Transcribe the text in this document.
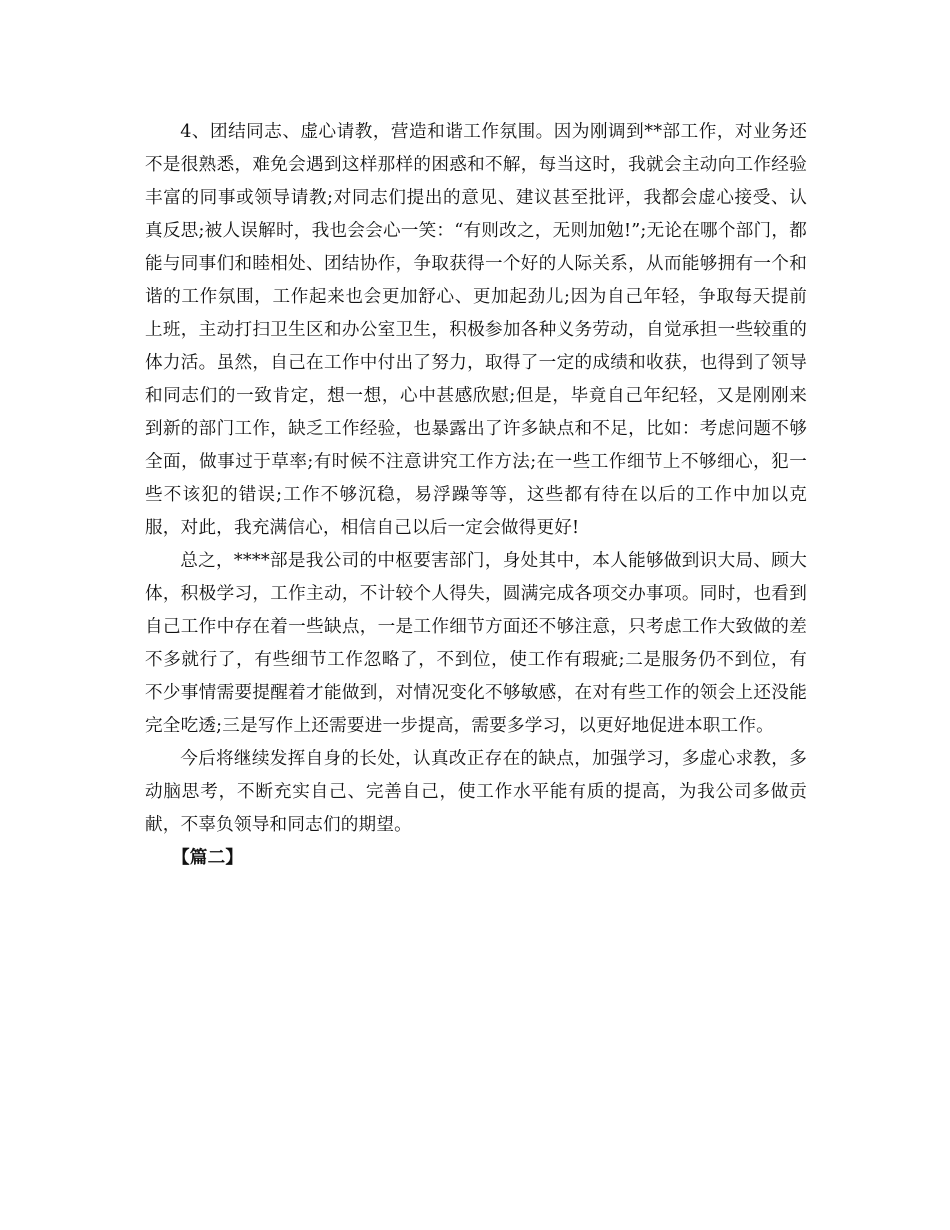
4、团结同志、虚心请教，营造和谐工作氛围。因为刚调到**部工作，对业务还不是很熟悉，难免会遇到这样那样的困惑和不解，每当这时，我就会主动向工作经验丰富的同事或领导请教;对同志们提出的意见、建议甚至批评，我都会虚心接受、认真反思;被人误解时，我也会会心一笑：“有则改之，无则加勉!”;无论在哪个部门，都能与同事们和睦相处、团结协作，争取获得一个好的人际关系，从而能够拥有一个和谐的工作氛围，工作起来也会更加舒心、更加起劲儿;因为自己年轻，争取每天提前上班，主动打扫卫生区和办公室卫生，积极参加各种义务劳动，自觉承担一些较重的体力活。虽然，自己在工作中付出了努力，取得了一定的成绩和收获，也得到了领导和同志们的一致肯定，想一想，心中甚感欣慰;但是，毕竟自己年纪轻，又是刚刚来到新的部门工作，缺乏工作经验，也暴露出了许多缺点和不足，比如：考虑问题不够全面，做事过于草率;有时候不注意讲究工作方法;在一些工作细节上不够细心，犯一些不该犯的错误;工作不够沉稳，易浮躁等等，这些都有待在以后的工作中加以克服，对此，我充满信心，相信自己以后一定会做得更好!

总之，****部是我公司的中枢要害部门，身处其中，本人能够做到识大局、顾大体，积极学习，工作主动，不计较个人得失，圆满完成各项交办事项。同时，也看到自己工作中存在着一些缺点，一是工作细节方面还不够注意，只考虑工作大致做的差不多就行了，有些细节工作忽略了，不到位，使工作有瑕疵;二是服务仍不到位，有不少事情需要提醒着才能做到，对情况变化不够敏感，在对有些工作的领会上还没能完全吃透;三是写作上还需要进一步提高，需要多学习，以更好地促进本职工作。

今后将继续发挥自身的长处，认真改正存在的缺点，加强学习，多虚心求教，多动脑思考，不断充实自己、完善自己，使工作水平能有质的提高，为我公司多做贡献，不辜负领导和同志们的期望。

【篇二】
